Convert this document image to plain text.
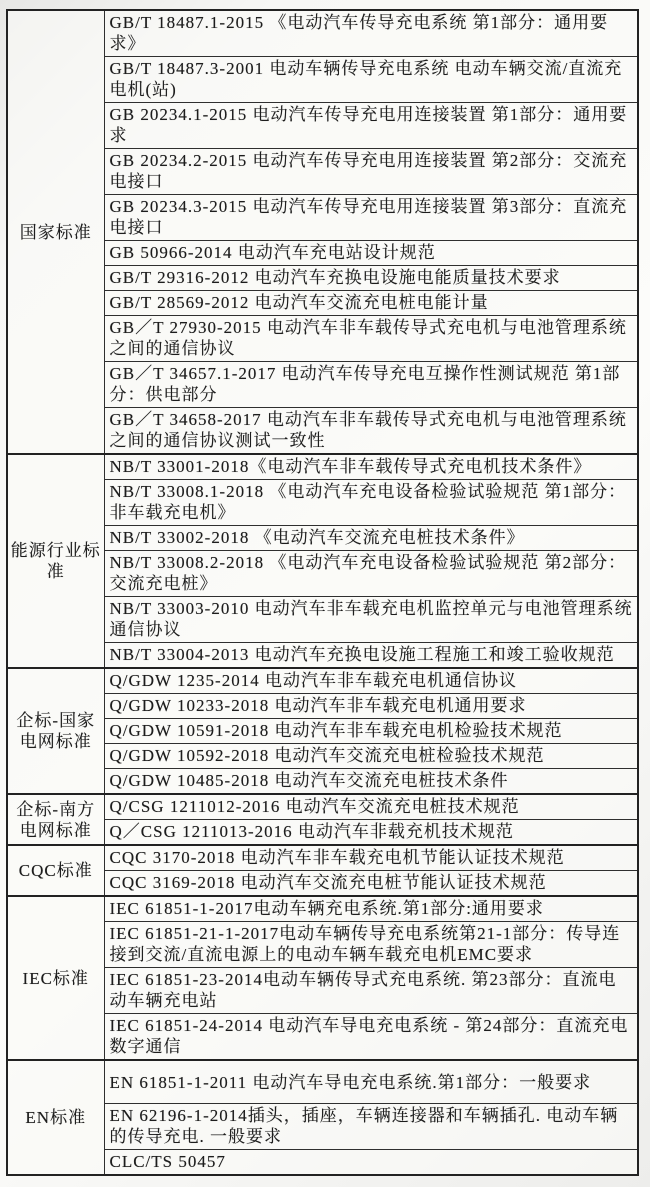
国家标准	GB/T 18487.1-2015 《电动汽车传导充电系统 第1部分：通用要求》
	GB/T 18487.3-2001 电动车辆传导充电系统 电动车辆交流/直流充电机(站)
	GB 20234.1-2015 电动汽车传导充电用连接装置 第1部分：通用要求
	GB 20234.2-2015 电动汽车传导充电用连接装置 第2部分：交流充电接口
	GB 20234.3-2015 电动汽车传导充电用连接装置 第3部分：直流充电接口
	GB 50966-2014 电动汽车充电站设计规范
	GB/T 29316-2012 电动汽车充换电设施电能质量技术要求
	GB/T 28569-2012 电动汽车交流充电桩电能计量
	GB／T 27930-2015 电动汽车非车载传导式充电机与电池管理系统之间的通信协议
	GB／T 34657.1-2017 电动汽车传导充电互操作性测试规范 第1部分：供电部分
	GB／T 34658-2017 电动汽车非车载传导式充电机与电池管理系统之间的通信协议测试一致性
能源行业标准	NB/T 33001-2018《电动汽车非车载传导式充电机技术条件》
	NB/T 33008.1-2018 《电动汽车充电设备检验试验规范 第1部分：非车载充电机》
	NB/T 33002-2018 《电动汽车交流充电桩技术条件》
	NB/T 33008.2-2018 《电动汽车充电设备检验试验规范 第2部分：交流充电桩》
	NB/T 33003-2010 电动汽车非车载充电机监控单元与电池管理系统通信协议
	NB/T 33004-2013 电动汽车充换电设施工程施工和竣工验收规范
企标-国家电网标准	Q/GDW 1235-2014 电动汽车非车载充电机通信协议
	Q/GDW 10233-2018 电动汽车非车载充电机通用要求
	Q/GDW 10591-2018 电动汽车非车载充电机检验技术规范
	Q/GDW 10592-2018 电动汽车交流充电桩检验技术规范
	Q/GDW 10485-2018 电动汽车交流充电桩技术条件
企标-南方电网标准	Q/CSG 1211012-2016 电动汽车交流充电桩技术规范
	Q／CSG 1211013-2016 电动汽车非载充机技术规范
CQC标准	CQC 3170-2018 电动汽车非车载充电机节能认证技术规范
	CQC 3169-2018 电动汽车交流充电桩节能认证技术规范
IEC标准	IEC 61851-1-2017电动车辆充电系统.第1部分:通用要求
	IEC 61851-21-1-2017电动车辆传导充电系统第21-1部分：传导连接到交流/直流电源上的电动车辆车载充电机EMC要求
	IEC 61851-23-2014电动车辆传导式充电系统. 第23部分：直流电动车辆充电站
	IEC 61851-24-2014 电动汽车导电充电系统 - 第24部分：直流充电数字通信
EN标准	EN 61851-1-2011 电动汽车导电充电系统.第1部分：一般要求
	EN 62196-1-2014插头，插座，车辆连接器和车辆插孔. 电动车辆的传导充电. 一般要求
	CLC/TS 50457
